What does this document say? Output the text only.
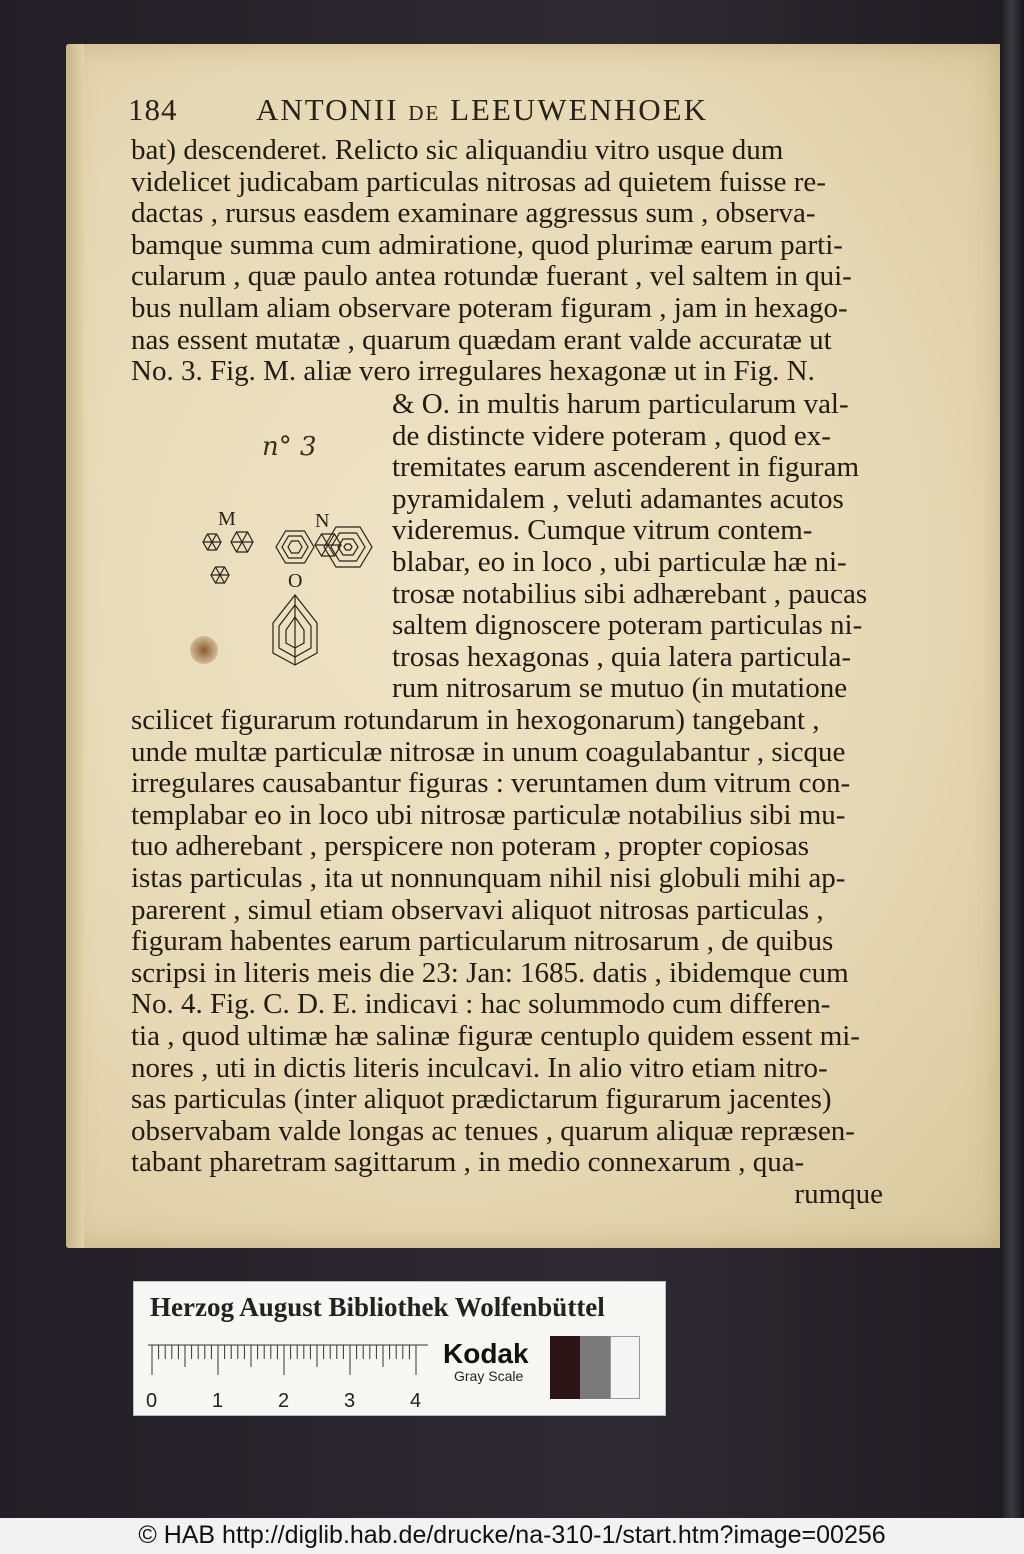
184	ANTONII DE LEEUWENHOEK
bat) descenderet. Relicto sic aliquandiu vitro usque dum
videlicet judicabam particulas nitrosas ad quietem fuisse re-
dactas , rursus easdem examinare aggressus sum , observa-
bamque summa cum admiratione, quod plurimæ earum parti-
cularum , quæ paulo antea rotundæ fuerant , vel saltem in qui-
bus nullam aliam observare poteram figuram , jam in hexago-
nas essent mutatæ , quarum quædam erant valde accuratæ ut
No. 3. Fig. M. aliæ vero irregulares hexagonæ ut in Fig. N.
& O. in multis harum particularum val-
de distincte videre poteram , quod ex-
tremitates earum ascenderent in figuram
pyramidalem , veluti adamantes acutos
videremus. Cumque vitrum contem-
blabar, eo in loco , ubi particulæ hæ ni-
trosæ notabilius sibi adhærebant , paucas
saltem dignoscere poteram particulas ni-
trosas hexagonas , quia latera particula-
rum nitrosarum se mutuo (in mutatione
n° 3
M	N
O
scilicet figurarum rotundarum in hexogonarum) tangebant ,
unde multæ particulæ nitrosæ in unum coagulabantur , sicque
irregulares causabantur figuras : veruntamen dum vitrum con-
templabar eo in loco ubi nitrosæ particulæ notabilius sibi mu-
tuo adherebant , perspicere non poteram , propter copiosas
istas particulas , ita ut nonnunquam nihil nisi globuli mihi ap-
parerent , simul etiam observavi aliquot nitrosas particulas ,
figuram habentes earum particularum nitrosarum , de quibus
scripsi in literis meis die 23: Jan: 1685. datis , ibidemque cum
No. 4. Fig. C. D. E. indicavi : hac solummodo cum differen-
tia , quod ultimæ hæ salinæ figuræ centuplo quidem essent mi-
nores , uti in dictis literis inculcavi. In alio vitro etiam nitro-
sas particulas (inter aliquot prædictarum figurarum jacentes)
observabam valde longas ac tenues , quarum aliquæ repræsen-
tabant pharetram sagittarum , in medio connexarum , qua-
rumque
Herzog August Bibliothek Wolfenbüttel
0	1	2	3	4
Kodak
Gray Scale
© HAB http://diglib.hab.de/drucke/na-310-1/start.htm?image=00256
